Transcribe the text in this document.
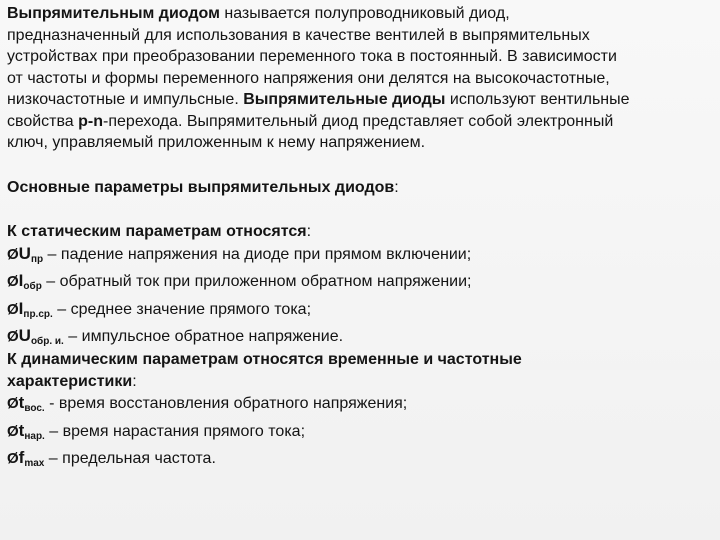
Выпрямительным диодом называется полупроводниковый диод,
предназначенный для использования в качестве вентилей в выпрямительных
устройствах при преобразовании переменного тока в постоянный. В зависимости
от частоты и формы переменного напряжения они делятся на высокочастотные,
низкочастотные и импульсные. Выпрямительные диоды используют вентильные
свойства p-n-перехода. Выпрямительный диод представляет собой электронный
ключ, управляемый приложенным к нему напряжением.
Основные параметры выпрямительных диодов:
К статическим параметрам относятся:
$ØU_{пр}$ – падение напряжения на диоде при прямом включении;
$ØI_{обр}$ – обратный ток при приложенном обратном напряжении;
$ØI_{пр.ср.}$ – среднее значение прямого тока;
$ØU_{обр. и.}$ – импульсное обратное напряжение.
К динамическим параметрам относятся временные и частотные
характеристики:
$Øt_{вос.}$ - время восстановления обратного напряжения;
$Øt_{нар.}$ – время нарастания прямого тока;
$Øf_{max}$ – предельная частота.
